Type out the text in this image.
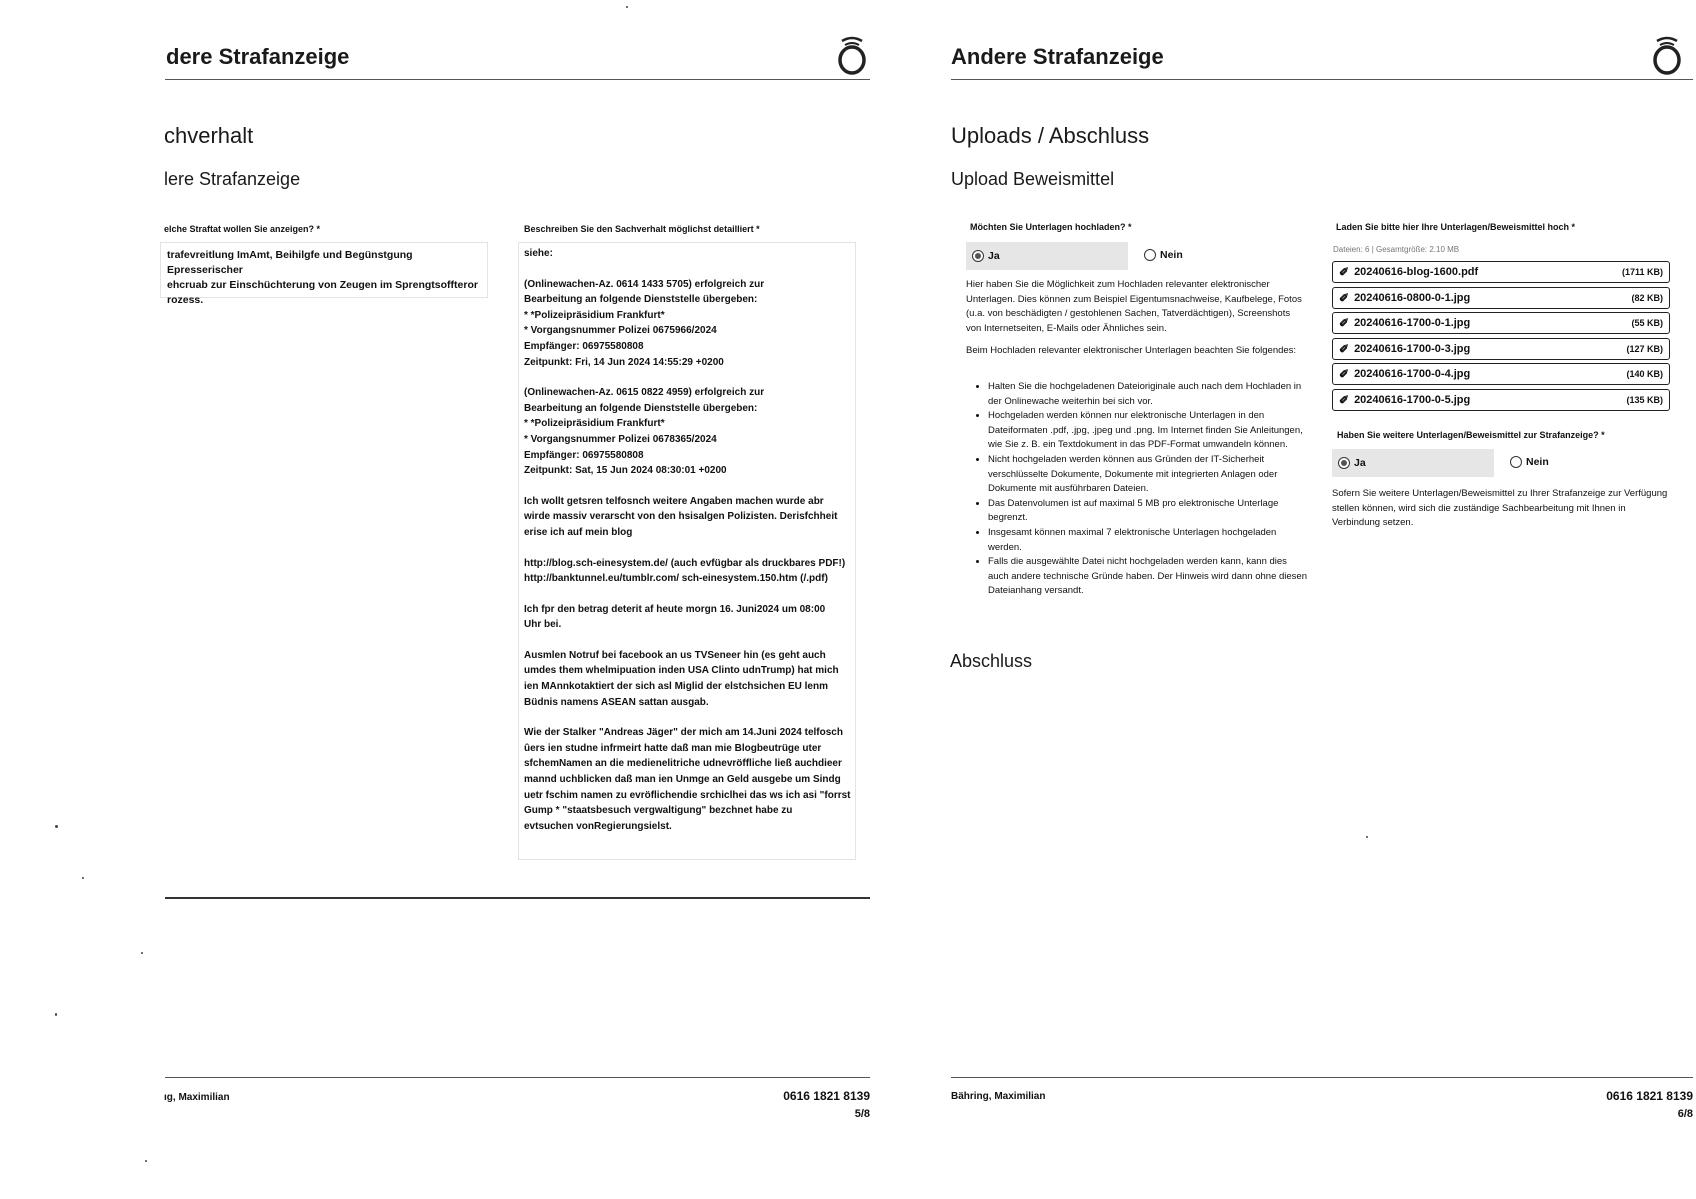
dere Strafanzeige
chverhalt
lere Strafanzeige
elche Straftat wollen Sie anzeigen? *
trafevreitlung ImAmt, Beihilgfe und Begünstgung Epresserischer
ehcruab zur Einschüchterung von Zeugen im Sprengtsoffteror
rozess.
Beschreiben Sie den Sachverhalt möglichst detailliert *
siehe:
(Onlinewachen-Az. 0614 1433 5705) erfolgreich zur
Bearbeitung an folgende Dienststelle übergeben:
* *Polizeipräsidium Frankfurt*
* Vorgangsnummer Polizei 0675966/2024
Empfänger: 06975580808
Zeitpunkt: Fri, 14 Jun 2024 14:55:29 +0200
(Onlinewachen-Az. 0615 0822 4959) erfolgreich zur
Bearbeitung an folgende Dienststelle übergeben:
* *Polizeipräsidium Frankfurt*
* Vorgangsnummer Polizei 0678365/2024
Empfänger: 06975580808
Zeitpunkt: Sat, 15 Jun 2024 08:30:01 +0200
Ich wollt getsren telfosnch weitere Angaben machen wurde abr
wirde massiv verarscht von den hsisalgen Polizisten. Derisfchheit
erise ich auf mein blog
http://blog.sch-einesystem.de/ (auch evfügbar als druckbares PDF!)
http://banktunnel.eu/tumblr.com/ sch-einesystem.150.htm (/.pdf)
Ich fpr den betrag deterit af heute morgn 16. Juni2024 um 08:00
Uhr bei.
Ausmlen Notruf bei facebook an us TVSeneer hin (es geht auch
umdes them whelmipuation inden USA Clinto udnTrump) hat mich
ien MAnnkotaktiert der sich asl Miglid der elstchsichen EU lenm
Büdnis namens ASEAN sattan ausgab.
Wie der Stalker "Andreas Jäger" der mich am 14.Juni 2024 telfosch
ûers ien studne infrmeirt hatte daß man mie Blogbeutrüge uter
sfchemNamen an die medienelitriche udnevröffliche ließ auchdieer
mannd uchblicken daß man ien Unmge an Geld ausgebe um Sindg
uetr fschim namen zu evröflichendie srchiclhei das ws ich asi "forrst
Gump * "staatsbesuch vergwaltigung" bezchnet habe zu
evtsuchen vonRegierungsielst.
ıg, Maximilian	0616 1821 8139
5/8
Andere Strafanzeige
Uploads / Abschluss
Upload Beweismittel
Möchten Sie Unterlagen hochladen? *
Ja	Nein

Hier haben Sie die Möglichkeit zum Hochladen relevanter elektronischer Unterlagen. Dies können zum Beispiel Eigentumsnachweise, Kaufbelege, Fotos (u.a. von beschädigten / gestohlenen Sachen, Tatverdächtigen), Screenshots von Internetseiten, E-Mails oder Ähnliches sein.

Beim Hochladen relevanter elektronischer Unterlagen beachten Sie folgendes:

• Halten Sie die hochgeladenen Dateioriginale auch nach dem Hochladen in der Onlinewache weiterhin bei sich vor.
• Hochgeladen werden können nur elektronische Unterlagen in den Dateiformaten .pdf, .jpg, .jpeg und .png. Im Internet finden Sie Anleitungen, wie Sie z. B. ein Textdokument in das PDF-Format umwandeln können.
• Nicht hochgeladen werden können aus Gründen der IT-Sicherheit verschlüsselte Dokumente, Dokumente mit integrierten Anlagen oder Dokumente mit ausführbaren Dateien.
• Das Datenvolumen ist auf maximal 5 MB pro elektronische Unterlage begrenzt.
• Insgesamt können maximal 7 elektronische Unterlagen hochgeladen werden.
• Falls die ausgewählte Datei nicht hochgeladen werden kann, kann dies auch andere technische Gründe haben. Der Hinweis wird dann ohne diesen Dateianhang versandt.
Laden Sie bitte hier Ihre Unterlagen/Beweismittel hoch *
Dateien: 6 | Gesamtgröße: 2.10 MB
✐ 20240616-blog-1600.pdf	(1711 KB)
✐ 20240616-0800-0-1.jpg	(82 KB)
✐ 20240616-1700-0-1.jpg	(55 KB)
✐ 20240616-1700-0-3.jpg	(127 KB)
✐ 20240616-1700-0-4.jpg	(140 KB)
✐ 20240616-1700-0-5.jpg	(135 KB)
Haben Sie weitere Unterlagen/Beweismittel zur Strafanzeige? *
Ja	Nein

Sofern Sie weitere Unterlagen/Beweismittel zu Ihrer Strafanzeige zur Verfügung stellen können, wird sich die zuständige Sachbearbeitung mit Ihnen in Verbindung setzen.

Abschluss
Bähring, Maximilian	0616 1821 8139
6/8
